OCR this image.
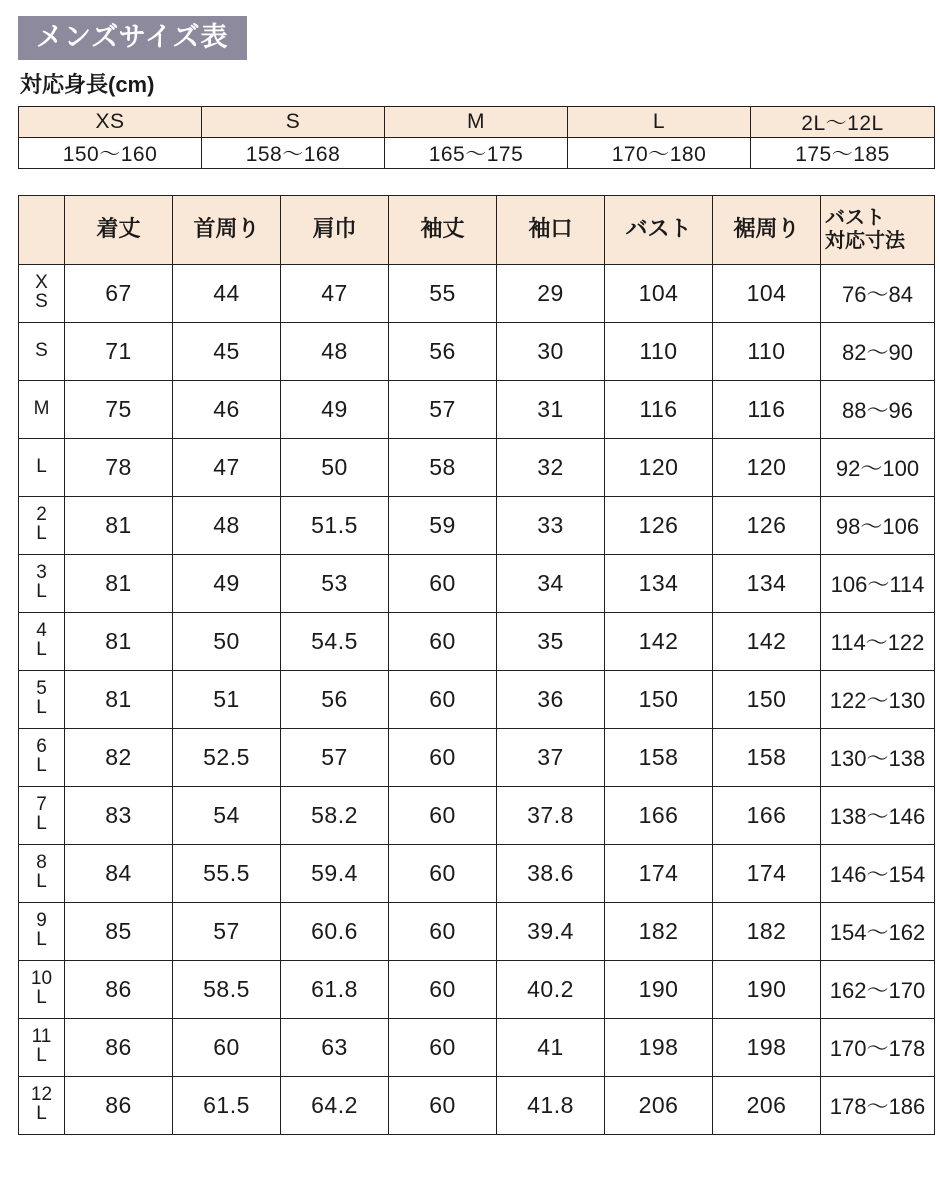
メンズサイズ表
対応身長(cm)
XS	S	M	L	2L〜12L
150〜160	158〜168	165〜175	170〜180	175〜185
	着丈	首周り	肩巾	袖丈	袖口	バスト	裾周り	バスト
対応寸法

X
S	67	44	47	55	29	104	104	76〜84

S	71	45	48	56	30	110	110	82〜90

M	75	46	49	57	31	116	116	88〜96

L	78	47	50	58	32	120	120	92〜100

2
L	81	48	51.5	59	33	126	126	98〜106

3
L	81	49	53	60	34	134	134	106〜114

4
L	81	50	54.5	60	35	142	142	114〜122

5
L	81	51	56	60	36	150	150	122〜130

6
L	82	52.5	57	60	37	158	158	130〜138

7
L	83	54	58.2	60	37.8	166	166	138〜146

8
L	84	55.5	59.4	60	38.6	174	174	146〜154

9
L	85	57	60.6	60	39.4	182	182	154〜162

10
L	86	58.5	61.8	60	40.2	190	190	162〜170

11
L	86	60	63	60	41	198	198	170〜178

12
L	86	61.5	64.2	60	41.8	206	206	178〜186
